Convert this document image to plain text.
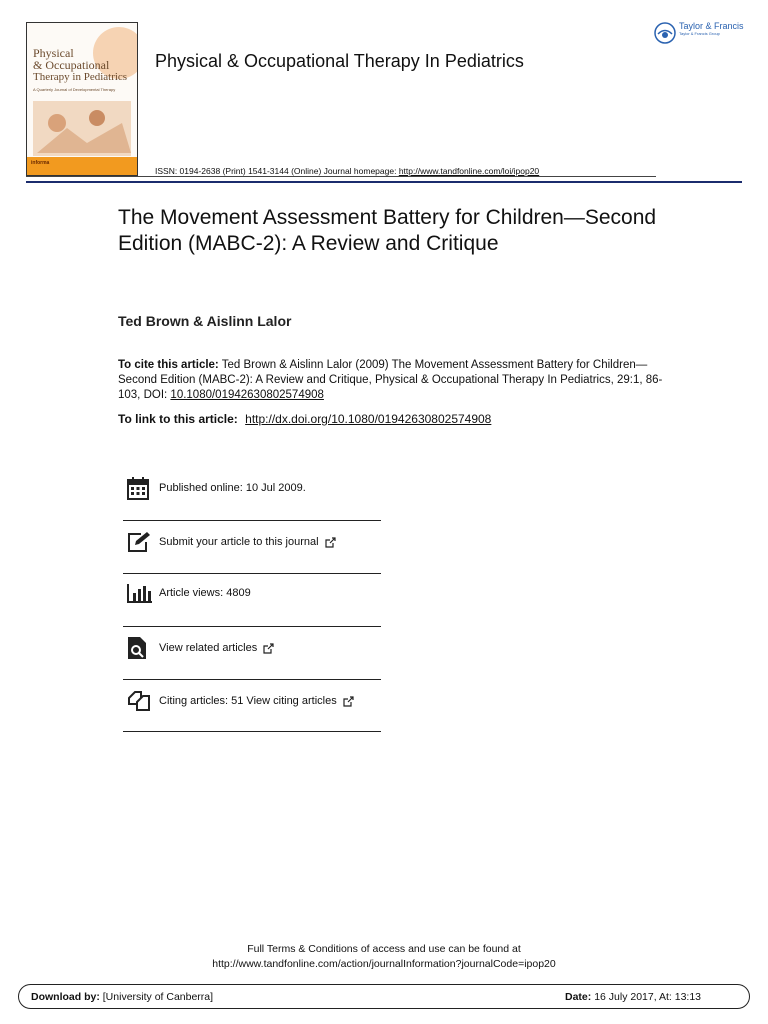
Physical
& Occupational
Therapy in Pediatrics
A Quarterly Journal of Developmental Therapy
informa
Physical & Occupational Therapy In Pediatrics
Taylor & Francis
Taylor & Francis Group
ISSN: 0194-2638 (Print) 1541-3144 (Online) Journal homepage: http://www.tandfonline.com/loi/ipop20
The Movement Assessment Battery for Children—Second Edition (MABC-2): A Review and Critique
Ted Brown & Aislinn Lalor
To cite this article: Ted Brown & Aislinn Lalor (2009) The Movement Assessment Battery for Children—Second Edition (MABC-2): A Review and Critique, Physical & Occupational Therapy In Pediatrics, 29:1, 86-103, DOI: 10.1080/01942630802574908
To link to this article: http://dx.doi.org/10.1080/01942630802574908
Published online: 10 Jul 2009.
Submit your article to this journal
Article views: 4809
View related articles
Citing articles: 51 View citing articles
Full Terms & Conditions of access and use can be found at
http://www.tandfonline.com/action/journalInformation?journalCode=ipop20
Download by: [University of Canberra]	Date: 16 July 2017, At: 13:13
